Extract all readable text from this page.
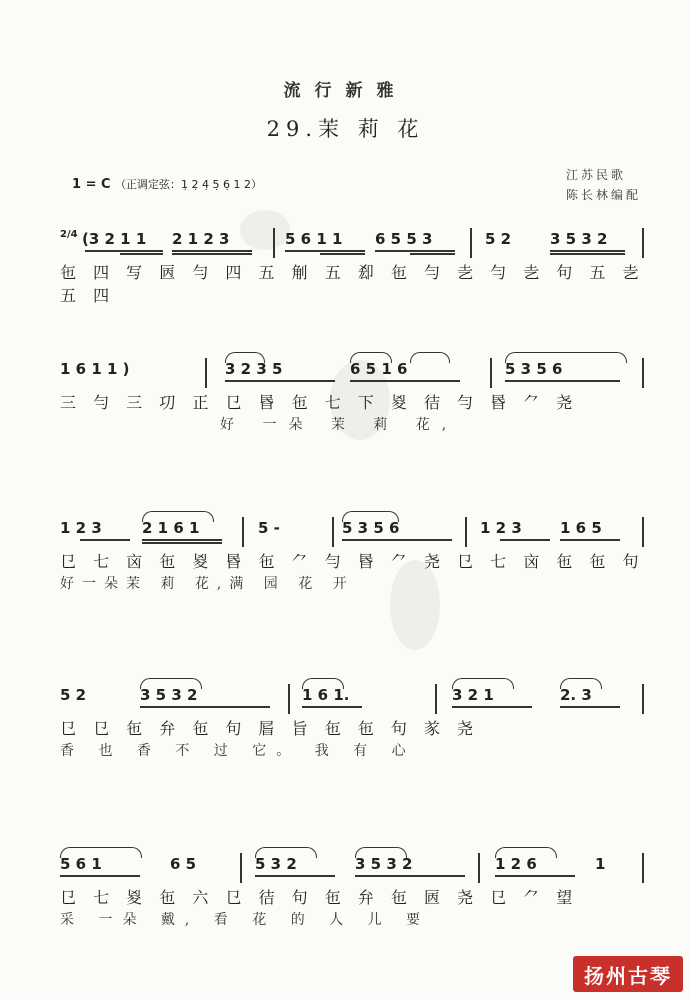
流行新雅
29.茉 莉 花
江苏民歌
陈长林编配
1 = C （正调定弦：1̣ 2̣ 4̣ 5̣ 6̣ 1 2）
2/4 (3 2 1 1 2 1 2 3	5 6 1 1 6 5 5 3	5 2	3 5 3 2
㐌 四 写 㔷 勻 四 五 㓩 五 㕁 㐌 勻 㐋 勻 㐋 句 五 㐋 五 四
1 6 1 1 )	3 2 3 5	6 5 1 6	5 3 5 6
三 勻 三 㓛 正 㔾 昬 㐌 七 下 㚇 㣟 勻 昬 ⺈ 尧
好 一朵 茉 莉 花,
1 2 3	2 1 6 1	5 -	5 3 5 6	1 2 3	1 6 5
㔾 七 㐫 㐌 㚇 昬 㐌 ⺈ 勻 昬 ⺈ 尧 㔾 七 㐫 㐌 㐌 句
好一朵茉 莉 花,满 园 花 开
5 2	3 5 3 2	1 6 1.	3 2 1	2. 3
㔾 㔾 㐌 弁 㐌 句 㞓 旨 㐌 㐌 句 㒸 尧
香 也 香 不 过 它。 我 有 心
5 6 1	6 5	5 3 2	3 5 3 2	1 2 6	1
㔾 七 㚇 㐌 六 㔾 㣟 句 㐌 弁 㐌 㔷 尧 㔾 ⺈ 望
采 一朵 戴, 看 花 的 人 儿 要
扬州古琴
